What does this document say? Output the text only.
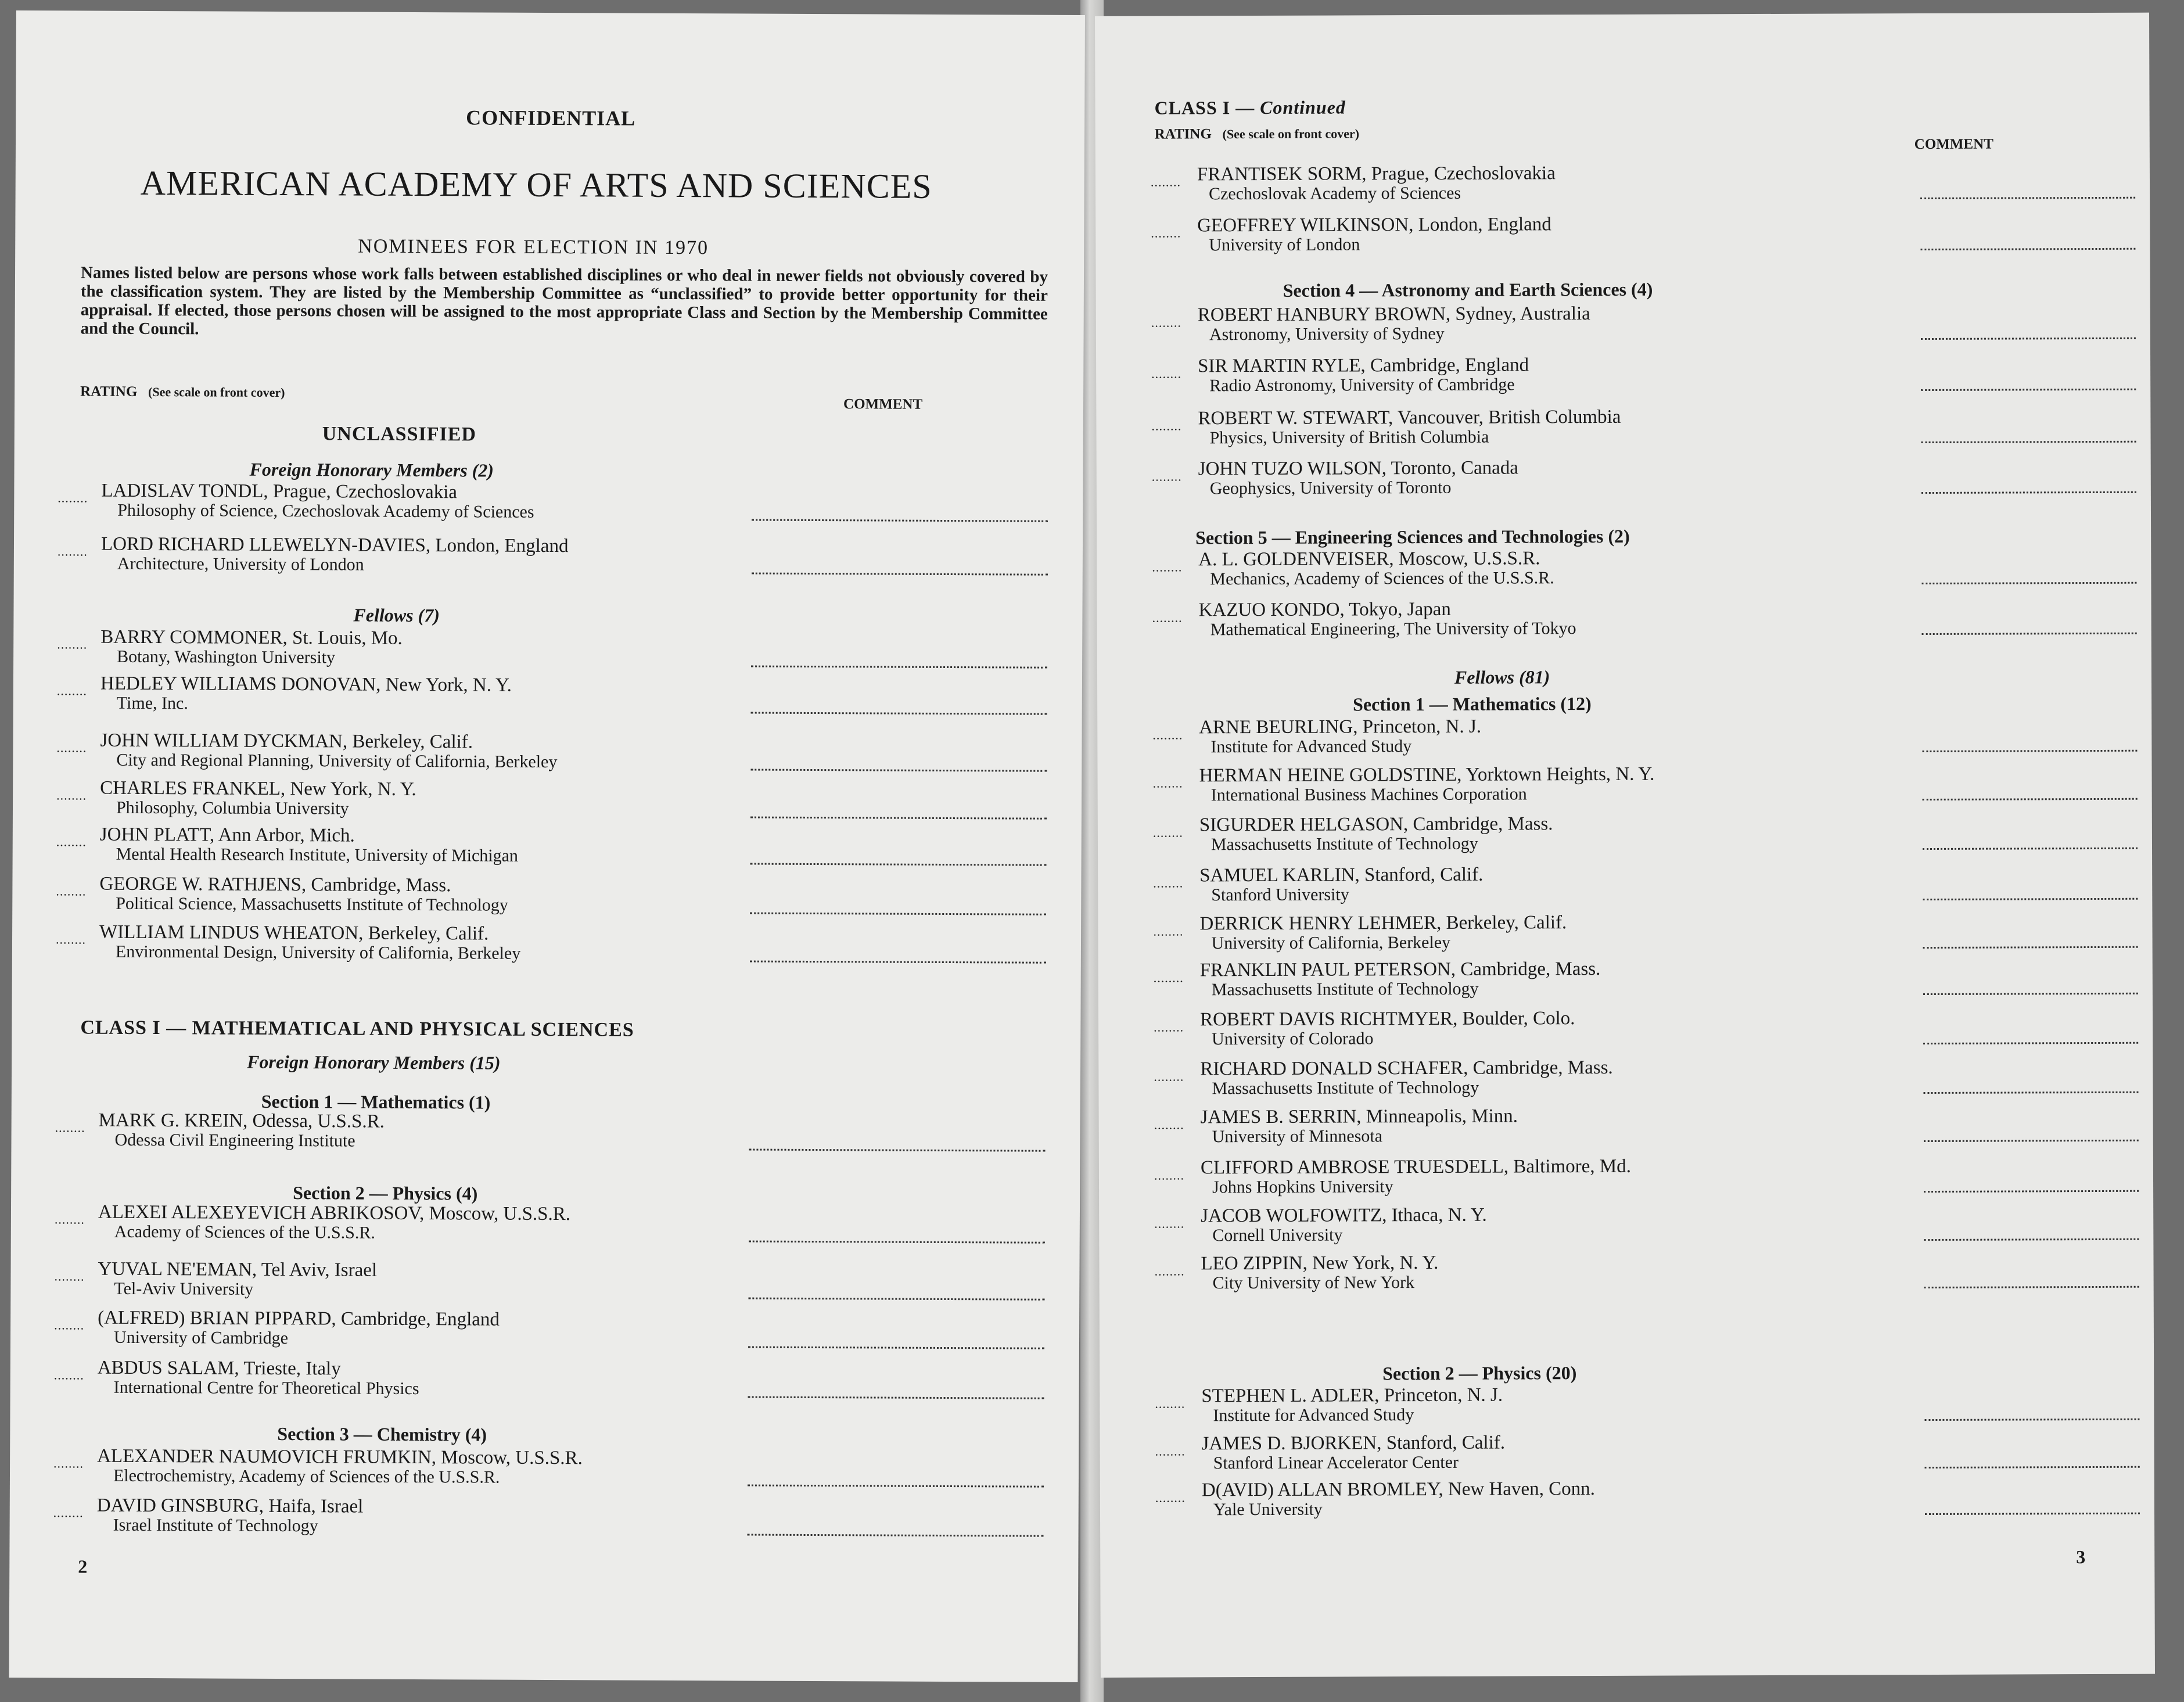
CONFIDENTIAL
AMERICAN ACADEMY OF ARTS AND SCIENCES
NOMINEES FOR ELECTION IN 1970
Names listed below are persons whose work falls between established disciplines or who deal in newer fields not obviously covered by the classification system. They are listed by the Membership Committee as “unclassified” to provide better opportunity for their appraisal. If elected, those persons chosen will be assigned to the most appropriate Class and Section by the Membership Committee and the Council.
RATING (See scale on front cover)
COMMENT
UNCLASSIFIED
Foreign Honorary Members (2)
........ LADISLAV TONDL, Prague, Czechoslovakia
Philosophy of Science, Czechoslovak Academy of Sciences
........ LORD RICHARD LLEWELYN-DAVIES, London, England
Architecture, University of London
........ BARRY COMMONER, St. Louis, Mo.
Botany, Washington University
........ HEDLEY WILLIAMS DONOVAN, New York, N. Y.
Time, Inc.
........ JOHN WILLIAM DYCKMAN, Berkeley, Calif.
City and Regional Planning, University of California, Berkeley
........ CHARLES FRANKEL, New York, N. Y.
Philosophy, Columbia University
........ JOHN PLATT, Ann Arbor, Mich.
Mental Health Research Institute, University of Michigan
........ GEORGE W. RATHJENS, Cambridge, Mass.
Political Science, Massachusetts Institute of Technology
........ WILLIAM LINDUS WHEATON, Berkeley, Calif.
Environmental Design, University of California, Berkeley
........ MARK G. KREIN, Odessa, U.S.S.R.
Odessa Civil Engineering Institute
........ ALEXEI ALEXEYEVICH ABRIKOSOV, Moscow, U.S.S.R.
Academy of Sciences of the U.S.S.R.
........ YUVAL NE'EMAN, Tel Aviv, Israel
Tel-Aviv University
........ (ALFRED) BRIAN PIPPARD, Cambridge, England
University of Cambridge
........ ABDUS SALAM, Trieste, Italy
International Centre for Theoretical Physics
........ ALEXANDER NAUMOVICH FRUMKIN, Moscow, U.S.S.R.
Electrochemistry, Academy of Sciences of the U.S.S.R.
........ DAVID GINSBURG, Haifa, Israel
Israel Institute of Technology
Fellows (7)
CLASS I — MATHEMATICAL AND PHYSICAL SCIENCES
Foreign Honorary Members (15)
Section 1 — Mathematics (1)
Section 2 — Physics (4)
Section 3 — Chemistry (4)
2
CLASS I — Continued
RATING (See scale on front cover)
COMMENT
........ FRANTISEK SORM, Prague, Czechoslovakia
Czechoslovak Academy of Sciences
........ GEOFFREY WILKINSON, London, England
University of London
........ ROBERT HANBURY BROWN, Sydney, Australia
Astronomy, University of Sydney
........ SIR MARTIN RYLE, Cambridge, England
Radio Astronomy, University of Cambridge
........ ROBERT W. STEWART, Vancouver, British Columbia
Physics, University of British Columbia
........ JOHN TUZO WILSON, Toronto, Canada
Geophysics, University of Toronto
........ A. L. GOLDENVEISER, Moscow, U.S.S.R.
Mechanics, Academy of Sciences of the U.S.S.R.
........ KAZUO KONDO, Tokyo, Japan
Mathematical Engineering, The University of Tokyo
........ ARNE BEURLING, Princeton, N. J.
Institute for Advanced Study
........ HERMAN HEINE GOLDSTINE, Yorktown Heights, N. Y.
International Business Machines Corporation
........ SIGURDER HELGASON, Cambridge, Mass.
Massachusetts Institute of Technology
........ SAMUEL KARLIN, Stanford, Calif.
Stanford University
........ DERRICK HENRY LEHMER, Berkeley, Calif.
University of California, Berkeley
........ FRANKLIN PAUL PETERSON, Cambridge, Mass.
Massachusetts Institute of Technology
........ ROBERT DAVIS RICHTMYER, Boulder, Colo.
University of Colorado
........ RICHARD DONALD SCHAFER, Cambridge, Mass.
Massachusetts Institute of Technology
........ JAMES B. SERRIN, Minneapolis, Minn.
University of Minnesota
........ CLIFFORD AMBROSE TRUESDELL, Baltimore, Md.
Johns Hopkins University
........ JACOB WOLFOWITZ, Ithaca, N. Y.
Cornell University
........ LEO ZIPPIN, New York, N. Y.
City University of New York
........ STEPHEN L. ADLER, Princeton, N. J.
Institute for Advanced Study
........ JAMES D. BJORKEN, Stanford, Calif.
Stanford Linear Accelerator Center
........ D(AVID) ALLAN BROMLEY, New Haven, Conn.
Yale University
Section 4 — Astronomy and Earth Sciences (4)
Section 5 — Engineering Sciences and Technologies (2)
Fellows (81)
Section 1 — Mathematics (12)
Section 2 — Physics (20)
3
